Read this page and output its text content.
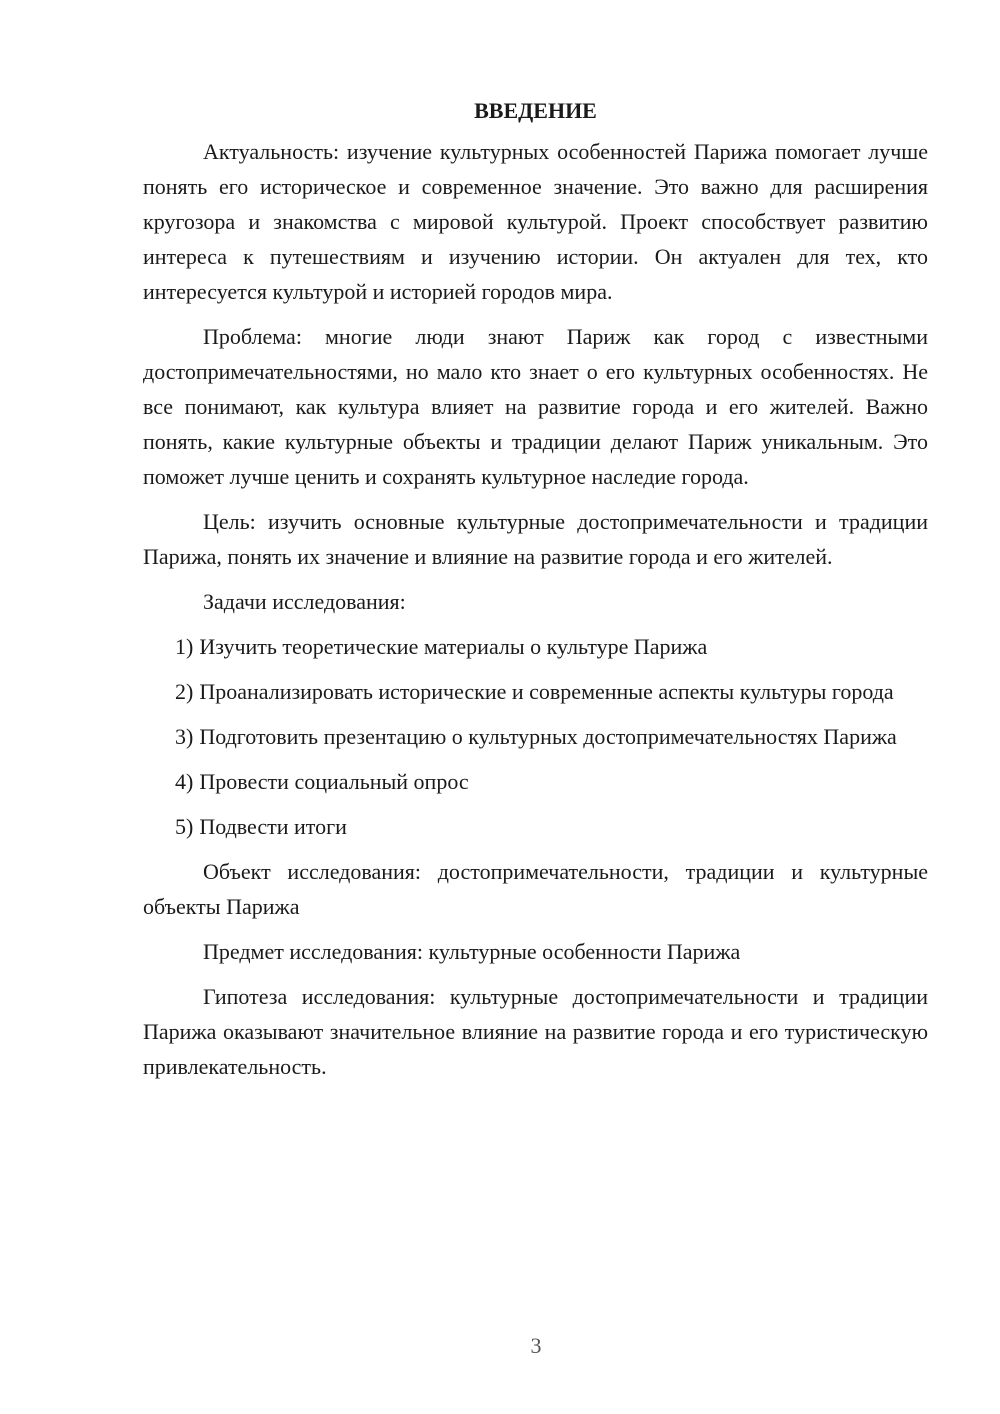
ВВЕДЕНИЕ

Актуальность: изучение культурных особенностей Парижа помогает лучше понять его историческое и современное значение. Это важно для расширения кругозора и знакомства с мировой культурой. Проект способствует развитию интереса к путешествиям и изучению истории. Он актуален для тех, кто интересуется культурой и историей городов мира.

Проблема: многие люди знают Париж как город с известными достопримечательностями, но мало кто знает о его культурных особенностях. Не все понимают, как культура влияет на развитие города и его жителей. Важно понять, какие культурные объекты и традиции делают Париж уникальным. Это поможет лучше ценить и сохранять культурное наследие города.

Цель: изучить основные культурные достопримечательности и традиции Парижа, понять их значение и влияние на развитие города и его жителей.

Задачи исследования:

1) Изучить теоретические материалы о культуре Парижа

2) Проанализировать исторические и современные аспекты культуры города

3) Подготовить презентацию о культурных достопримечательностях Парижа

4) Провести социальный опрос

5) Подвести итоги

Объект исследования: достопримечательности, традиции и культурные объекты Парижа

Предмет исследования: культурные особенности Парижа

Гипотеза исследования: культурные достопримечательности и традиции Парижа оказывают значительное влияние на развитие города и его туристическую привлекательность.

3
